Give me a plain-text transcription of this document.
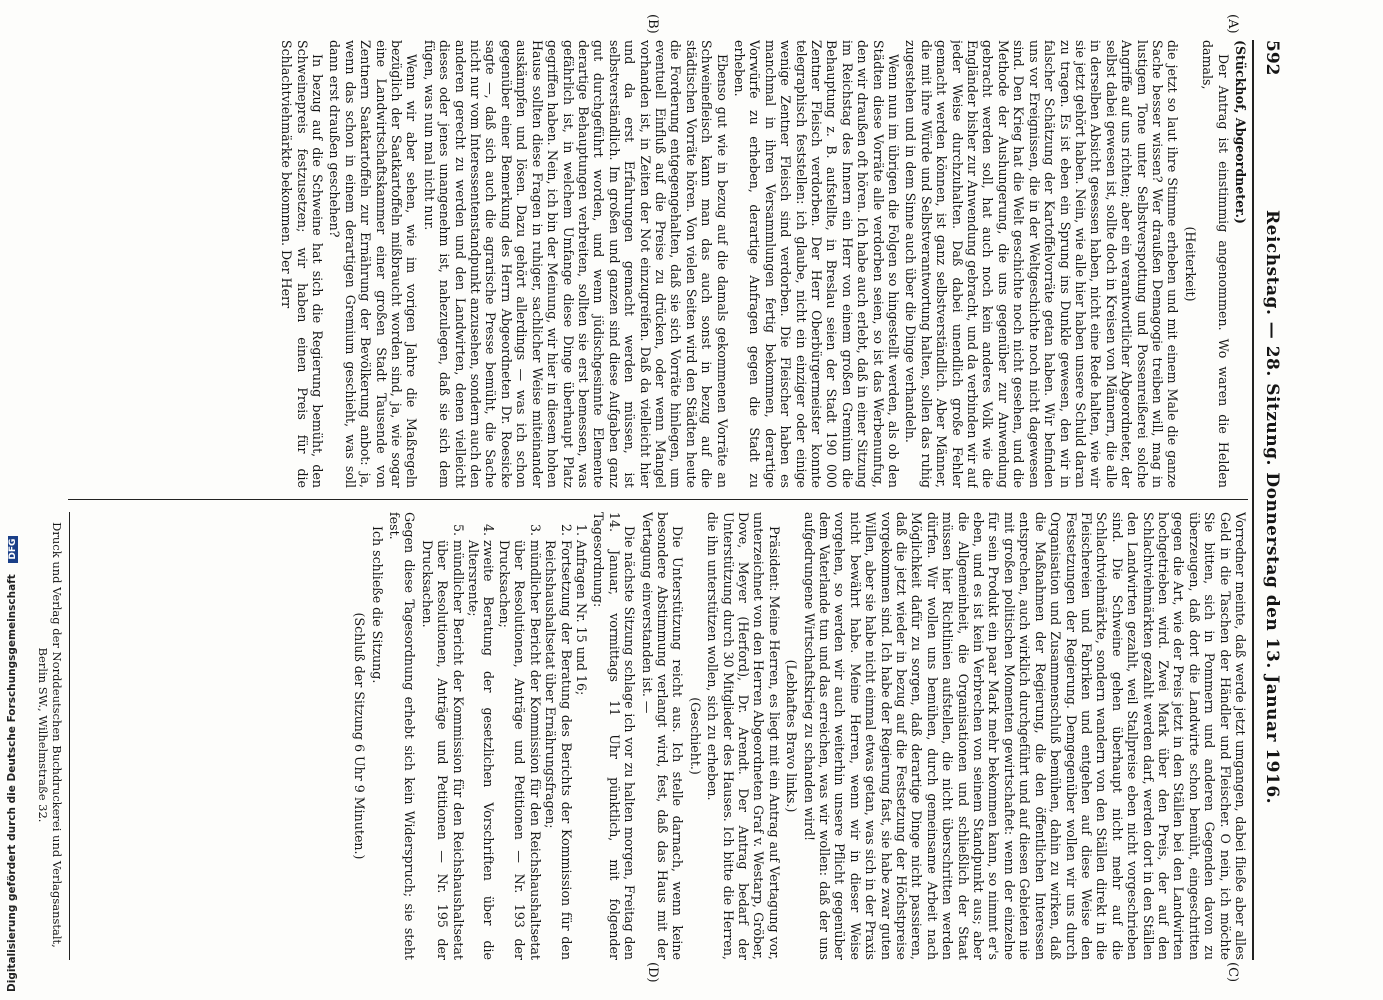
592
Reichstag. — 28. Sitzung. Donnerstag den 13. Januar 1916.
(A)
(B)
(C)
(D)

(Stückhof, Abgeordneter.)

Der Antrag ist einstimmig angenommen. Wo waren die Helden damals,

(Heiterkeit)

die jetzt so laut ihre Stimme erheben und mit einem Male die ganze Sache besser wissen? Wer draußen Demagogie treiben will, mag in lustigem Tone unter Selbstverspottung und Possenreißerei solche Angriffe auf uns richten; aber ein verantwortlicher Abgeordneter, der selbst dabei gewesen ist, sollte doch in Kreisen von Männern, die alle in derselben Absicht gesessen haben, nicht eine Rede halten, wie wir sie jetzt gehört haben. Nein, wie alle hier haben unsere Schuld daran zu tragen. Es ist eben ein Sprung ins Dunkle gewesen, den wir in falscher Schätzung der Kartoffelvorräte getan haben. Wir befinden uns vor Ereignissen, die in der Weltgeschichte noch nicht dagewesen sind. Den Krieg hat die Welt geschichte noch nicht gesehen, und die Methode der Aushungerung, die uns gegenüber zur Anwendung gebracht werden soll, hat auch noch kein anderes Volk wie die Engländer bisher zur Anwendung gebracht, und da verbinden wir auf jeder Weise durchzuhalten. Daß dabei unendlich große Fehler gemacht werden können, ist ganz selbstverständlich. Aber Männer, die mit ihre Würde und Selbstverantwortung halten, sollen das ruhig zugestehen und in dem Sinne auch über die Dinge verhandeln.

Wenn nun im übrigen die Folgen so hingestellt werden, als ob den Städten diese Vorräte alle verdorben seien, so ist das Werbenunfug, den wir draußen oft hören. Ich habe auch erlebt, daß in einer Sitzung im Reichstag des Innern ein Herr von einem großen Gremium die Behauptung z. B. aufstellte, in Breslau seien der Stadt 190 000 Zentner Fleisch verdorben. Der Herr Oberbürgermeister konnte telegraphisch feststellen: ich glaube, nicht ein einziger oder einige wenige Zentner Fleisch sind verdorben. Die Fleischer haben es manchmal in ihren Versammlungen fertig bekommen, derartige Vorwürfe zu erheben, derartige Anfragen gegen die Stadt zu erheben.

Ebenso gut wie in bezug auf die damals gekommenen Vorräte an Schweinefleisch kann man das auch sonst in bezug auf die städtischen Vorräte hören. Von vielen Seiten wird den Städten heute die Forderung entgegengehalten, daß sie sich Vorräte hinlegen, um eventuell Einfluß auf die Preise zu drücken, oder wenn Mangel vorhanden ist, in Zeiten der Not einzugreifen. Daß da vielleicht hier und da erst Erfahrungen gemacht werden müssen, ist selbstverständlich. Im großen und ganzen sind diese Aufgaben ganz gut durchgeführt worden, und wenn jüdischgesinnte Elemente derartige Behauptungen verbreiten, sollten sie erst bemessen, was gefährlich ist, in welchem Umfange diese Dinge überhaupt Platz gegriffen haben. Nein, ich bin der Meinung, wir hier in diesem hohen Hause sollten diese Fragen in ruhiger, sachlicher Weise miteinander auskämpfen und lösen. Dazu gehört allerdings — was ich schon gegenüber einer Bemerkung des Herrn Abgeordneten Dr. Roesicke sagte —, daß sich auch die agrarische Presse bemüht, die Sache nicht nur vom Interessentenstandpunkt anzusehen, sondern auch den anderen gerecht zu werden und den Landwirten, denen vielleicht dieses oder jenes unangenehm ist, nahezulegen, daß sie sich dem fügen, was nun mal nicht nur.

Wenn wir aber sehen, wie im vorigen Jahre die Maßregeln bezüglich der Saatkartoffeln mißbraucht worden sind, ja, wie sogar eine Landwirtschaftskammer einer großen Stadt Tausende von Zentnern Saatkartoffeln zur Ernährung der Bevölkerung anbot: ja, wenn das schon in einem derartigen Gremium geschieht, was soll dann erst draußen geschehen?

In bezug auf die Schweine hat sich die Regierung bemüht, den Schweinepreis festzusetzen; wir haben einen Preis für die Schlachtviehmärkte bekommen. Der Herr

Vorredner meinte, daß werde jetzt umgangen, dabei fließe aber alles Geld in die Taschen der Händler und Fleischer. O nein, ich möchte Sie bitten, sich in Pommern und anderen Gegenden davon zu überzeugen, daß dort die Landwirte schon bemüht, eingeschritten gegen die Art, wie der Preis jetzt in den Ställen bei den Landwirten hochgetrieben wird. Zwei Mark über den Preis, der auf den Schlachtviehmärkten gezahlt werden darf, werden dort in den Ställen den Landwirten gezahlt, weil Stallpreise eben nicht vorgeschrieben sind. Die Schweine gehen überhaupt nicht mehr auf die Schlachtviehmärkte, sondern wandern von den Ställen direkt in die Fleischereien und Fabriken und entgehen auf diese Weise den Festsetzungen der Regierung. Demgegenüber wollen wir uns durch Organisation und Zusammenschluß bemühen, dahin zu wirken, daß die Maßnahmen der Regierung, die den öffentlichen Interessen entsprechen, auch wirklich durchgeführt und auf diesen Gebieten nie mit großen politischen Momenten gewirtschaftet: wenn der einzelne für sein Produkt ein paar Mark mehr bekommen kann, so nimmt er's eben, und es ist kein Verbrechen von seinem Standpunkt aus; aber die Allgemeinheit, die Organisationen und schließlich der Staat müssen hier Richtlinien aufstellen, die nicht überschritten werden dürfen. Wir wollen uns bemühen, durch gemeinsame Arbeit nach Möglichkeit dafür zu sorgen, daß derartige Dinge nicht passieren, daß die jetzt wieder in bezug auf die Festsetzung der Höchstpreise vorgekommen sind. Ich habe der Regierung fast, sie habe zwar guten Willen, aber sie habe nicht einmal etwas getan, was sich in der Praxis nicht bewährt habe. Meine Herren, wenn wir in dieser Weise vorgehen, so werden wir auch weiterhin unsere Pflicht gegenüber dem Vaterlande tun und das erreichen, was wir wollen: daß der uns aufgedrungene Wirtschaftskrieg zu schanden wird!

(Lebhaftes Bravo links.)

Präsident: Meine Herren, es liegt mit ein Antrag auf Vertagung vor, unterzeichnet von den Herren Abgeordneten Graf v. Westarp, Gröber, Dove, Meyer (Herford), Dr. Arendt. Der Antrag bedarf der Unterstützung durch 30 Mitglieder des Hauses. Ich bitte die Herren, die ihn unterstützen wollen, sich zu erheben.

(Geschieht.)

Die Unterstützung reicht aus. Ich stelle darnach, wenn keine besondere Abstimmung verlangt wird, fest, daß das Haus mit der Vertagung einverstanden ist. —

Die nächste Sitzung schlage ich vor zu halten morgen, Freitag den 14. Januar, vormittags 11 Uhr pünktlich, mit folgender Tagesordnung:

1. Anfragen Nr. 15 und 16;
2. Fortsetzung der Beratung des Berichts der Kommission für den Reichshaushaltsetat über Ernährungsfragen;
3. mündlicher Bericht der Kommission für den Reichshaushaltsetat über Resolutionen, Anträge und Petitionen — Nr. 193 der Drucksachen;
4. zweite Beratung der gesetzlichen Vorschriften über die Altersrente;
5. mündlicher Bericht der Kommission für den Reichshaushaltsetat über Resolutionen, Anträge und Petitionen — Nr. 195 der Drucksachen.

Gegen diese Tagesordnung erhebt sich kein Widerspruch; sie steht fest.

Ich schließe die Sitzung.

(Schluß der Sitzung 6 Uhr 9 Minuten.)

Druck und Verlag der Norddeutschen Buchdruckerei und Verlagsanstalt,
Berlin SW., Wilhelmstraße 32.
Digitalisierung gefördert durch die Deutsche Forschungsgemeinschaft DFG
